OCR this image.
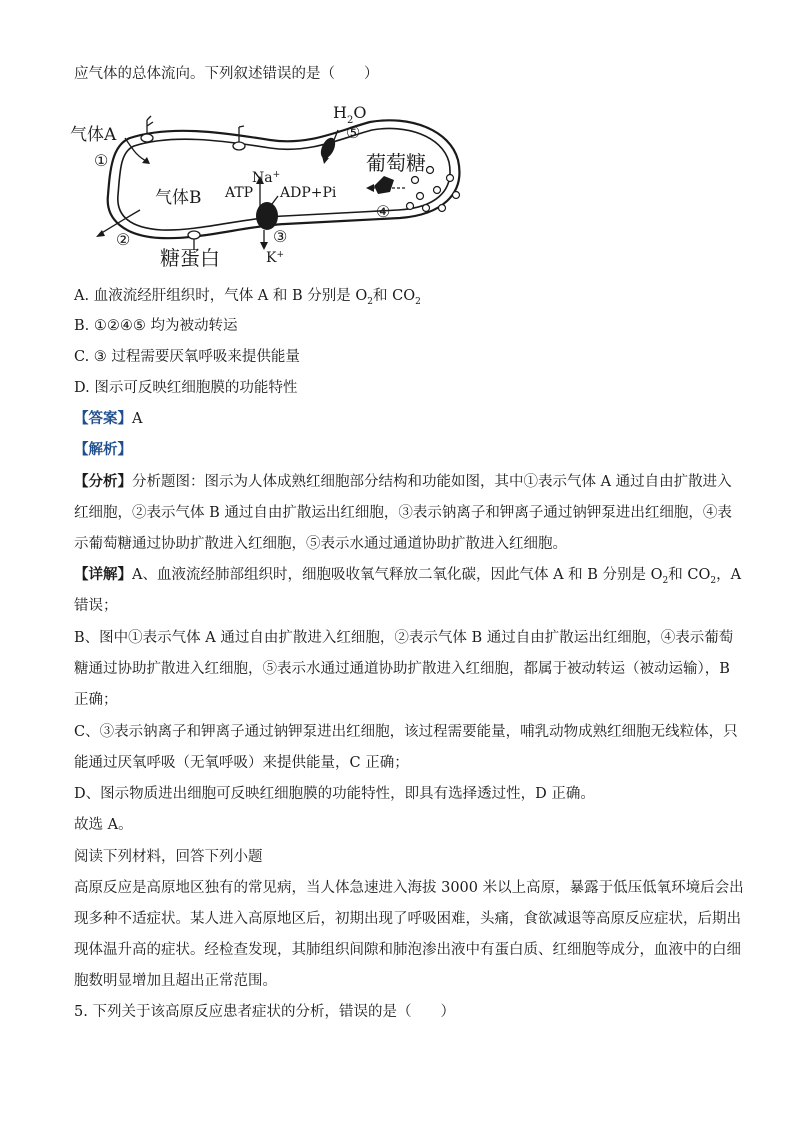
应气体的总体流向。下列叙述错误的是（　　）
气体A
①
气体B
②
糖蛋白
$H_2O$
⑤
葡萄糖
④
Na+
ATP ADP+Pi
③
K+
A. 血液流经肝组织时，气体 A 和 B 分别是 $O_2$和 $CO_2$
B. ①②④⑤ 均为被动转运
C. ③ 过程需要厌氧呼吸来提供能量
D. 图示可反映红细胞膜的功能特性
【答案】A
【解析】
【分析】分析题图：图示为人体成熟红细胞部分结构和功能如图，其中①表示气体 A 通过自由扩散进入
红细胞，②表示气体 B 通过自由扩散运出红细胞，③表示钠离子和钾离子通过钠钾泵进出红细胞，④表
示葡萄糖通过协助扩散进入红细胞，⑤表示水通过通道协助扩散进入红细胞。
【详解】A、血液流经肺部组织时，细胞吸收氧气释放二氧化碳，因此气体 A 和 B 分别是 $O_2$和 $CO_2$，A
错误；
B、图中①表示气体 A 通过自由扩散进入红细胞，②表示气体 B 通过自由扩散运出红细胞，④表示葡萄
糖通过协助扩散进入红细胞，⑤表示水通过通道协助扩散进入红细胞，都属于被动转运（被动运输），B
正确；
C、③表示钠离子和钾离子通过钠钾泵进出红细胞，该过程需要能量，哺乳动物成熟红细胞无线粒体，只
能通过厌氧呼吸（无氧呼吸）来提供能量，C 正确；
D、图示物质进出细胞可反映红细胞膜的功能特性，即具有选择透过性，D 正确。
故选 A。
阅读下列材料，回答下列小题
高原反应是高原地区独有的常见病，当人体急速进入海拔 3000 米以上高原，暴露于低压低氧环境后会出
现多种不适症状。某人进入高原地区后，初期出现了呼吸困难，头痛，食欲减退等高原反应症状，后期出
现体温升高的症状。经检查发现，其肺组织间隙和肺泡渗出液中有蛋白质、红细胞等成分，血液中的白细
胞数明显增加且超出正常范围。
5. 下列关于该高原反应患者症状的分析，错误的是（　　）
